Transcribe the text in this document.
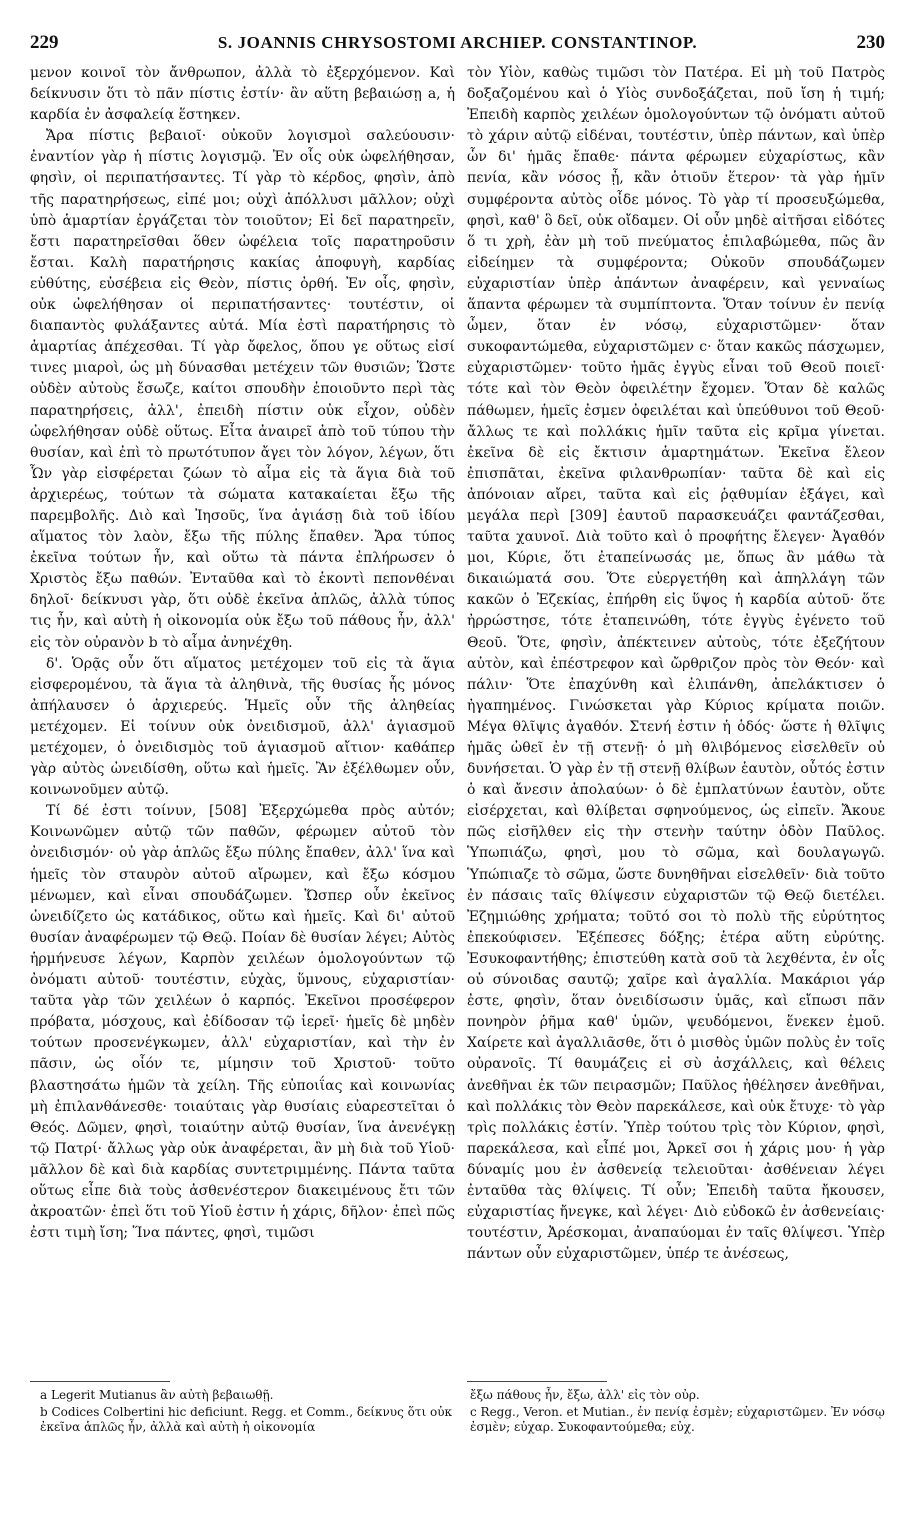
229	S. JOANNIS CHRYSOSTOMI ARCHIEP. CONSTANTINOP.	230

μενον κοινοῖ τὸν ἄνθρωπον, ἀλλὰ τὸ ἐξερχόμενον. Καὶ δείκνυσιν ὅτι τὸ πᾶν πίστις ἐστίν· ἂν αὕτη βεβαιώσῃ a, ἡ καρδία ἐν ἀσφαλείᾳ ἕστηκεν.

Ἄρα πίστις βεβαιοῖ· οὐκοῦν λογισμοὶ σαλεύουσιν· ἐναντίον γὰρ ἡ πίστις λογισμῷ. Ἐν οἷς οὐκ ὠφελήθησαν, φησὶν, οἱ περιπατήσαντες. Τί γὰρ τὸ κέρδος, φησὶν, ἀπὸ τῆς παρατηρήσεως, εἰπέ μοι; οὐχὶ ἀπόλλυσι μᾶλλον; οὐχὶ ὑπὸ ἁμαρτίαν ἐργάζεται τὸν τοιοῦτον; Εἰ δεῖ παρατηρεῖν, ἔστι παρατηρεῖσθαι ὅθεν ὠφέλεια τοῖς παρατηροῦσιν ἔσται. Καλὴ παρατήρησις κακίας ἀποφυγὴ, καρδίας εὐθύτης, εὐσέβεια εἰς Θεὸν, πίστις ὀρθή. Ἐν οἷς, φησὶν, οὐκ ὠφελήθησαν οἱ περιπατήσαντες· τουτέστιν, οἱ διαπαντὸς φυλάξαντες αὐτά. Μία ἐστὶ παρατήρησις τὸ ἁμαρτίας ἀπέχεσθαι. Τί γὰρ ὄφελος, ὅπου γε οὕτως εἰσί τινες μιαροὶ, ὡς μὴ δύνασθαι μετέχειν τῶν θυσιῶν; Ὥστε οὐδὲν αὐτοὺς ἔσωζε, καίτοι σπουδὴν ἐποιοῦντο περὶ τὰς παρατηρήσεις, ἀλλ', ἐπειδὴ πίστιν οὐκ εἶχον, οὐδὲν ὠφελήθησαν οὐδὲ οὕτως. Εἶτα ἀναιρεῖ ἀπὸ τοῦ τύπου τὴν θυσίαν, καὶ ἐπὶ τὸ πρωτότυπον ἄγει τὸν λόγον, λέγων, ὅτι Ὧν γὰρ εἰσφέρεται ζώων τὸ αἷμα εἰς τὰ ἅγια διὰ τοῦ ἀρχιερέως, τούτων τὰ σώματα κατακαίεται ἔξω τῆς παρεμβολῆς. Διὸ καὶ Ἰησοῦς, ἵνα ἁγιάσῃ διὰ τοῦ ἰδίου αἵματος τὸν λαὸν, ἔξω τῆς πύλης ἔπαθεν. Ἄρα τύπος ἐκεῖνα τούτων ἦν, καὶ οὕτω τὰ πάντα ἐπλήρωσεν ὁ Χριστὸς ἔξω παθών. Ἐνταῦθα καὶ τὸ ἑκοντὶ πεπονθέναι δηλοῖ· δείκνυσι γὰρ, ὅτι οὐδὲ ἐκεῖνα ἁπλῶς, ἀλλὰ τύπος τις ἦν, καὶ αὐτὴ ἡ οἰκονομία οὐκ ἔξω τοῦ πάθους ἦν, ἀλλ' εἰς τὸν οὐρανὸν b τὸ αἷμα ἀνηνέχθη.

δ'. Ὁρᾷς οὖν ὅτι αἵματος μετέχομεν τοῦ εἰς τὰ ἅγια εἰσφερομένου, τὰ ἅγια τὰ ἀληθινὰ, τῆς θυσίας ἧς μόνος ἀπήλαυσεν ὁ ἀρχιερεύς. Ἡμεῖς οὖν τῆς ἀληθείας μετέχομεν. Εἰ τοίνυν οὐκ ὀνειδισμοῦ, ἀλλ' ἁγιασμοῦ μετέχομεν, ὁ ὀνειδισμὸς τοῦ ἁγιασμοῦ αἴτιον· καθάπερ γὰρ αὐτὸς ὠνειδίσθη, οὕτω καὶ ἡμεῖς. Ἂν ἐξέλθωμεν οὖν, κοινωνοῦμεν αὐτῷ.

Τί δέ ἐστι τοίνυν, [508] Ἐξερχώμεθα πρὸς αὐτόν; Κοινωνῶμεν αὐτῷ τῶν παθῶν, φέρωμεν αὐτοῦ τὸν ὀνειδισμόν· οὐ γὰρ ἁπλῶς ἔξω πύλης ἔπαθεν, ἀλλ' ἵνα καὶ ἡμεῖς τὸν σταυρὸν αὐτοῦ αἴρωμεν, καὶ ἔξω κόσμου μένωμεν, καὶ εἶναι σπουδάζωμεν. Ὥσπερ οὖν ἐκεῖνος ὠνειδίζετο ὡς κατάδικος, οὕτω καὶ ἡμεῖς. Καὶ δι' αὐτοῦ θυσίαν ἀναφέρωμεν τῷ Θεῷ. Ποίαν δὲ θυσίαν λέγει; Αὐτὸς ἡρμήνευσε λέγων, Καρπὸν χειλέων ὁμολογούντων τῷ ὀνόματι αὐτοῦ· τουτέστιν, εὐχὰς, ὕμνους, εὐχαριστίαν· ταῦτα γὰρ τῶν χειλέων ὁ καρπός. Ἐκεῖνοι προσέφερον πρόβατα, μόσχους, καὶ ἐδίδοσαν τῷ ἱερεῖ· ἡμεῖς δὲ μηδὲν τούτων προσενέγκωμεν, ἀλλ' εὐχαριστίαν, καὶ τὴν ἐν πᾶσιν, ὡς οἷόν τε, μίμησιν τοῦ Χριστοῦ· τοῦτο βλαστησάτω ἡμῶν τὰ χείλη. Τῆς εὐποιΐας καὶ κοινωνίας μὴ ἐπιλανθάνεσθε· τοιαύταις γὰρ θυσίαις εὐαρεστεῖται ὁ Θεός. Δῶμεν, φησὶ, τοιαύτην αὐτῷ θυσίαν, ἵνα ἀνενέγκῃ τῷ Πατρί· ἄλλως γὰρ οὐκ ἀναφέρεται, ἂν μὴ διὰ τοῦ Υἱοῦ· μᾶλλον δὲ καὶ διὰ καρδίας συντετριμμένης. Πάντα ταῦτα οὕτως εἶπε διὰ τοὺς ἀσθενέστερον διακειμένους ἔτι τῶν ἀκροατῶν· ἐπεὶ ὅτι τοῦ Υἱοῦ ἐστιν ἡ χάρις, δῆλον· ἐπεὶ πῶς ἐστι τιμὴ ἴση; Ἵνα πάντες, φησὶ, τιμῶσι

τὸν Υἱὸν, καθὼς τιμῶσι τὸν Πατέρα. Εἰ μὴ τοῦ Πατρὸς δοξαζομένου καὶ ὁ Υἱὸς συνδοξάζεται, ποῦ ἴση ἡ τιμή; Ἐπειδὴ καρπὸς χειλέων ὁμολογούντων τῷ ὀνόματι αὐτοῦ τὸ χάριν αὐτῷ εἰδέναι, τουτέστιν, ὑπὲρ πάντων, καὶ ὑπὲρ ὧν δι' ἡμᾶς ἔπαθε· πάντα φέρωμεν εὐχαρίστως, κἂν πενία, κἂν νόσος ᾖ, κἂν ὁτιοῦν ἕτερον· τὰ γὰρ ἡμῖν συμφέροντα αὐτὸς οἶδε μόνος. Τὸ γὰρ τί προσευξώμεθα, φησὶ, καθ' ὃ δεῖ, οὐκ οἴδαμεν. Οἱ οὖν μηδὲ αἰτῆσαι εἰδότες ὅ τι χρὴ, ἐὰν μὴ τοῦ πνεύματος ἐπιλαβώμεθα, πῶς ἂν εἰδείημεν τὰ συμφέροντα; Οὐκοῦν σπουδάζωμεν εὐχαριστίαν ὑπὲρ ἁπάντων ἀναφέρειν, καὶ γενναίως ἅπαντα φέρωμεν τὰ συμπίπτοντα. Ὅταν τοίνυν ἐν πενίᾳ ὦμεν, ὅταν ἐν νόσῳ, εὐχαριστῶμεν· ὅταν συκοφαντώμεθα, εὐχαριστῶμεν c· ὅταν κακῶς πάσχωμεν, εὐχαριστῶμεν· τοῦτο ἡμᾶς ἐγγὺς εἶναι τοῦ Θεοῦ ποιεῖ· τότε καὶ τὸν Θεὸν ὀφειλέτην ἔχομεν. Ὅταν δὲ καλῶς πάθωμεν, ἡμεῖς ἐσμεν ὀφειλέται καὶ ὑπεύθυνοι τοῦ Θεοῦ· ἄλλως τε καὶ πολλάκις ἡμῖν ταῦτα εἰς κρῖμα γίνεται. ἐκεῖνα δὲ εἰς ἔκτισιν ἁμαρτημάτων. Ἐκεῖνα ἔλεον ἐπισπᾶται, ἐκεῖνα φιλανθρωπίαν· ταῦτα δὲ καὶ εἰς ἀπόνοιαν αἴρει, ταῦτα καὶ εἰς ῥᾳθυμίαν ἐξάγει, καὶ μεγάλα περὶ [309] ἑαυτοῦ παρασκευάζει φαντάζεσθαι, ταῦτα χαυνοῖ. Διὰ τοῦτο καὶ ὁ προφήτης ἔλεγεν· Ἀγαθόν μοι, Κύριε, ὅτι ἐταπείνωσάς με, ὅπως ἂν μάθω τὰ δικαιώματά σου. Ὅτε εὐεργετήθη καὶ ἀπηλλάγη τῶν κακῶν ὁ Ἐζεκίας, ἐπήρθη εἰς ὕψος ἡ καρδία αὐτοῦ· ὅτε ἠρρώστησε, τότε ἐταπεινώθη, τότε ἐγγὺς ἐγένετο τοῦ Θεοῦ. Ὅτε, φησὶν, ἀπέκτεινεν αὐτοὺς, τότε ἐξεζήτουν αὐτὸν, καὶ ἐπέστρεφον καὶ ὤρθριζον πρὸς τὸν Θεόν· καὶ πάλιν· Ὅτε ἐπαχύνθη καὶ ἐλιπάνθη, ἀπελάκτισεν ὁ ἠγαπημένος. Γινώσκεται γὰρ Κύριος κρίματα ποιῶν. Μέγα θλῖψις ἀγαθόν. Στενή ἐστιν ἡ ὁδός· ὥστε ἡ θλῖψις ἡμᾶς ὠθεῖ ἐν τῇ στενῇ· ὁ μὴ θλιβόμενος εἰσελθεῖν οὐ δυνήσεται. Ὁ γὰρ ἐν τῇ στενῇ θλίβων ἑαυτὸν, οὗτός ἐστιν ὁ καὶ ἄνεσιν ἀπολαύων· ὁ δὲ ἐμπλατύνων ἑαυτὸν, οὔτε εἰσέρχεται, καὶ θλίβεται σφηνούμενος, ὡς εἰπεῖν. Ἄκουε πῶς εἰσῆλθεν εἰς τὴν στενὴν ταύτην ὁδὸν Παῦλος. Ὑπωπιάζω, φησὶ, μου τὸ σῶμα, καὶ δουλαγωγῶ. Ὑπώπιαζε τὸ σῶμα, ὥστε δυνηθῆναι εἰσελθεῖν· διὰ τοῦτο ἐν πάσαις ταῖς θλίψεσιν εὐχαριστῶν τῷ Θεῷ διετέλει. Ἐζημιώθης χρήματα; τοῦτό σοι τὸ πολὺ τῆς εὐρύτητος ἐπεκούφισεν. Ἐξέπεσες δόξης; ἑτέρα αὕτη εὐρύτης. Ἐσυκοφαντήθης; ἐπιστεύθη κατὰ σοῦ τὰ λεχθέντα, ἐν οἷς οὐ σύνοιδας σαυτῷ; χαῖρε καὶ ἀγαλλία. Μακάριοι γάρ ἐστε, φησὶν, ὅταν ὀνειδίσωσιν ὑμᾶς, καὶ εἴπωσι πᾶν πονηρὸν ῥῆμα καθ' ὑμῶν, ψευδόμενοι, ἕνεκεν ἐμοῦ. Χαίρετε καὶ ἀγαλλιᾶσθε, ὅτι ὁ μισθὸς ὑμῶν πολὺς ἐν τοῖς οὐρανοῖς. Τί θαυμάζεις εἰ σὺ ἀσχάλλεις, καὶ θέλεις ἀνεθῆναι ἐκ τῶν πειρασμῶν; Παῦλος ἠθέλησεν ἀνεθῆναι, καὶ πολλάκις τὸν Θεὸν παρεκάλεσε, καὶ οὐκ ἔτυχε· τὸ γὰρ τρὶς πολλάκις ἐστίν. Ὑπὲρ τούτου τρὶς τὸν Κύριον, φησὶ, παρεκάλεσα, καὶ εἶπέ μοι, Ἀρκεῖ σοι ἡ χάρις μου· ἡ γὰρ δύναμίς μου ἐν ἀσθενείᾳ τελειοῦται· ἀσθένειαν λέγει ἐνταῦθα τὰς θλίψεις. Τί οὖν; Ἐπειδὴ ταῦτα ἤκουσεν, εὐχαριστίας ἤνεγκε, καὶ λέγει· Διὸ εὐδοκῶ ἐν ἀσθενείαις· τουτέστιν, Ἀρέσκομαι, ἀναπαύομαι ἐν ταῖς θλίψεσι. Ὑπὲρ πάντων οὖν εὐχαριστῶμεν, ὑπέρ τε ἀνέσεως,

a Legerit Mutianus ἂν αὐτὴ βεβαιωθῇ.
b Codices Colbertini hic deficiunt. Regg. et Comm., δείκνυς ὅτι οὐκ ἐκεῖνα ἁπλῶς ἦν, ἀλλὰ καὶ αὐτὴ ἡ οἰκονομία
ἔξω πάθους ἦν, ἔξω, ἀλλ' εἰς τὸν οὐρ.
c Regg., Veron. et Mutian., ἐν πενίᾳ ἐσμὲν; εὐχαριστῶμεν. Ἐν νόσῳ ἐσμὲν; εὐχαρ. Συκοφαντούμεθα; εὐχ.
